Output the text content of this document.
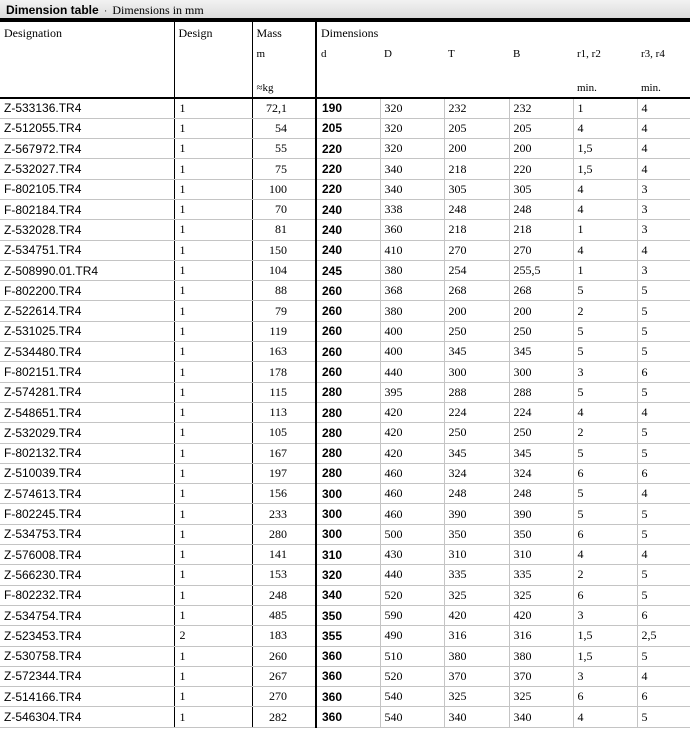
Dimension table · Dimensions in mm
Designation	Design	Mass	Dimensions					
		m	d	D	T	B	r1, r2	r3, r4
		≈kg					min.	min.
Z-533136.TR4	1	72,1	190	320	232	232	1	4
Z-512055.TR4	1	54	205	320	205	205	4	4
Z-567972.TR4	1	55	220	320	200	200	1,5	4
Z-532027.TR4	1	75	220	340	218	220	1,5	4
F-802105.TR4	1	100	220	340	305	305	4	3
F-802184.TR4	1	70	240	338	248	248	4	3
Z-532028.TR4	1	81	240	360	218	218	1	3
Z-534751.TR4	1	150	240	410	270	270	4	4
Z-508990.01.TR4	1	104	245	380	254	255,5	1	3
F-802200.TR4	1	88	260	368	268	268	5	5
Z-522614.TR4	1	79	260	380	200	200	2	5
Z-531025.TR4	1	119	260	400	250	250	5	5
Z-534480.TR4	1	163	260	400	345	345	5	5
F-802151.TR4	1	178	260	440	300	300	3	6
Z-574281.TR4	1	115	280	395	288	288	5	5
Z-548651.TR4	1	113	280	420	224	224	4	4
Z-532029.TR4	1	105	280	420	250	250	2	5
F-802132.TR4	1	167	280	420	345	345	5	5
Z-510039.TR4	1	197	280	460	324	324	6	6
Z-574613.TR4	1	156	300	460	248	248	5	4
F-802245.TR4	1	233	300	460	390	390	5	5
Z-534753.TR4	1	280	300	500	350	350	6	5
Z-576008.TR4	1	141	310	430	310	310	4	4
Z-566230.TR4	1	153	320	440	335	335	2	5
F-802232.TR4	1	248	340	520	325	325	6	5
Z-534754.TR4	1	485	350	590	420	420	3	6
Z-523453.TR4	2	183	355	490	316	316	1,5	2,5
Z-530758.TR4	1	260	360	510	380	380	1,5	5
Z-572344.TR4	1	267	360	520	370	370	3	4
Z-514166.TR4	1	270	360	540	325	325	6	6
Z-546304.TR4	1	282	360	540	340	340	4	5
